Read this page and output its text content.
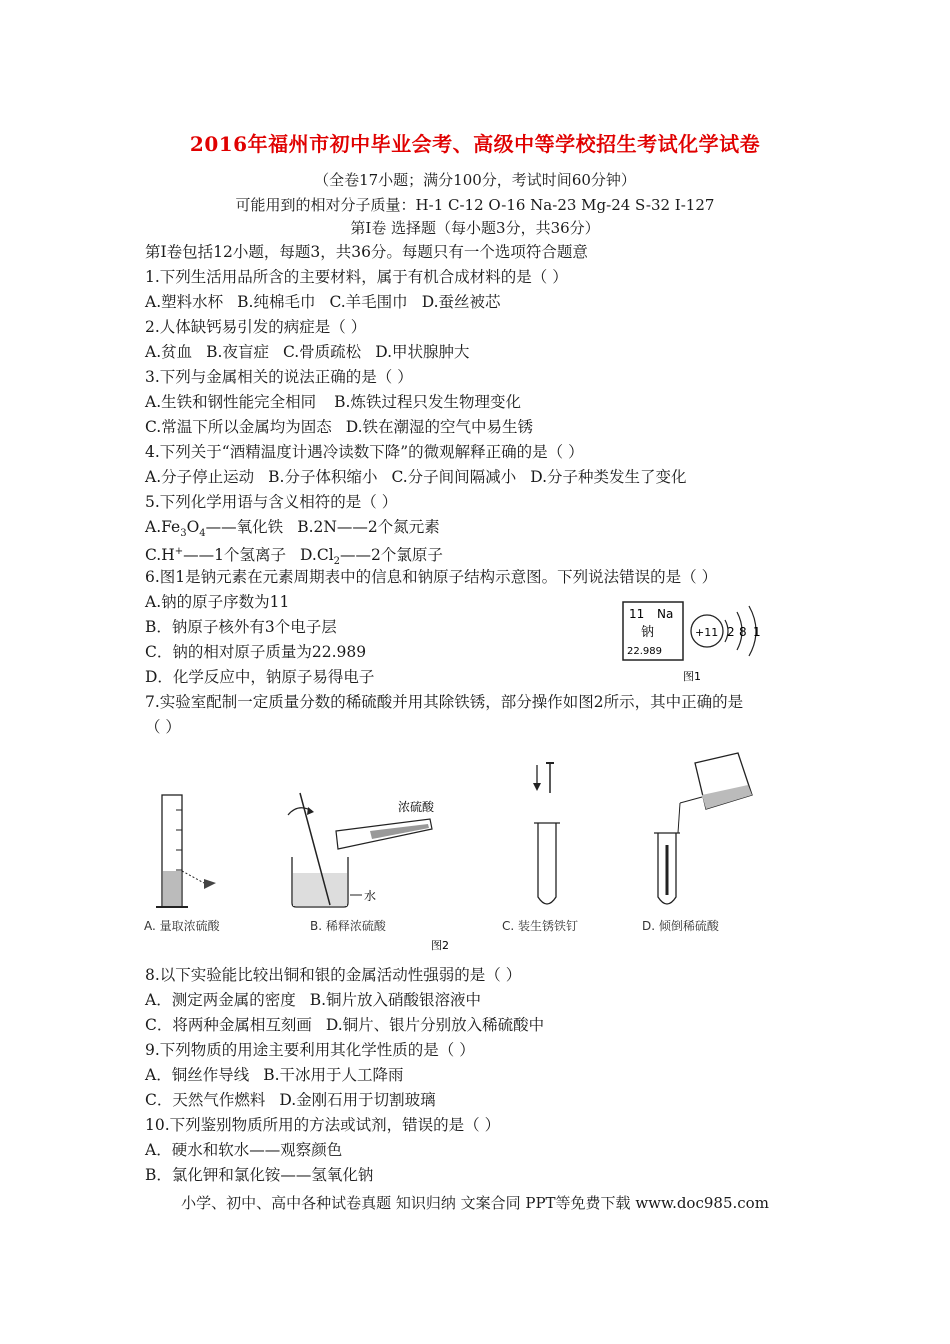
2016年福州市初中毕业会考、高级中等学校招生考试化学试卷
（全卷17小题；满分100分，考试时间60分钟）
可能用到的相对分子质量：H-1 C-12 O-16 Na-23 Mg-24 S-32 I-127
第Ⅰ卷 选择题（每小题3分，共36分）
第Ⅰ卷包括12小题，每题3，共36分。每题只有一个选项符合题意
1.下列生活用品所含的主要材料，属于有机合成材料的是（ ）
A.塑料水杯 B.纯棉毛巾 C.羊毛围巾 D.蚕丝被芯
2.人体缺钙易引发的病症是（ ）
A.贫血 B.夜盲症 C.骨质疏松 D.甲状腺肿大
3.下列与金属相关的说法正确的是（ ）
A.生铁和钢性能完全相同 B.炼铁过程只发生物理变化
C.常温下所以金属均为固态 D.铁在潮湿的空气中易生锈
4.下列关于“酒精温度计遇冷读数下降”的微观解释正确的是（ ）
A.分子停止运动 B.分子体积缩小 C.分子间间隔减小 D.分子种类发生了变化
5.下列化学用语与含义相符的是（ ）
$A.Fe_3O_4——$氧化铁 B.2N——2个氮元素
C.H+——1个氢离子 $D.Cl_2——2$个氯原子
6.图1是钠元素在元素周期表中的信息和钠原子结构示意图。下列说法错误的是（ ）
A.钠的原子序数为11
B．钠原子核外有3个电子层
C．钠的相对原子质量为22.989
D．化学反应中，钠原子易得电子
11 Na
钠
22.989
+11 2 8 1
图1
7.实验室配制一定质量分数的稀硫酸并用其除铁锈，部分操作如图2所示，其中正确的是
（ ）
A. 量取浓硫酸
浓硫酸
水
B. 稀释浓硫酸	C. 装生锈铁钉	D. 倾倒稀硫酸
图2
8.以下实验能比较出铜和银的金属活动性强弱的是（ ）
A．测定两金属的密度 B.铜片放入硝酸银溶液中
C．将两种金属相互刻画 D.铜片、银片分别放入稀硫酸中
9.下列物质的用途主要利用其化学性质的是（ ）
A．铜丝作导线 B.干冰用于人工降雨
C．天然气作燃料 D.金刚石用于切割玻璃
10.下列鉴别物质所用的方法或试剂，错误的是（ ）
A．硬水和软水——观察颜色
B．氯化钾和氯化铵——氢氧化钠
小学、初中、高中各种试卷真题 知识归纳 文案合同 PPT等免费下载 www.doc985.com
